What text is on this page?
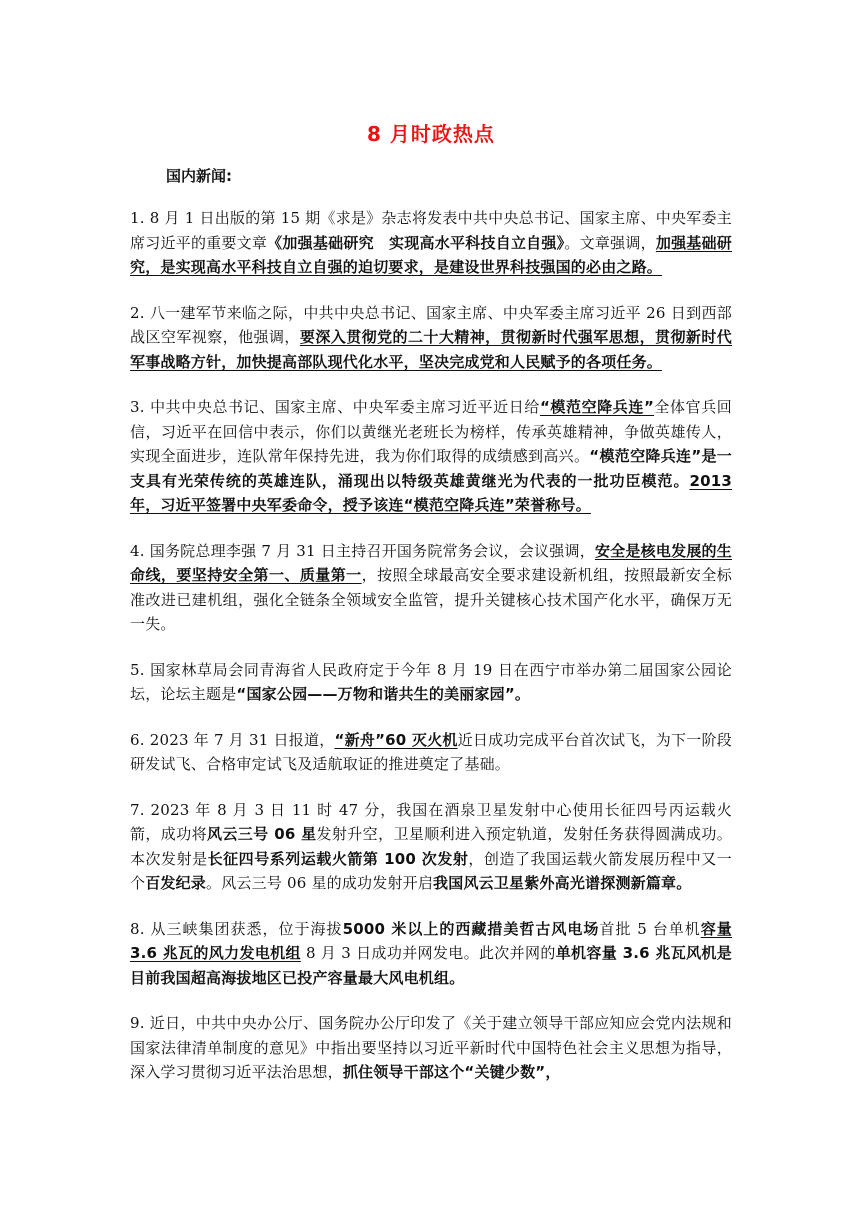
8 月时政热点
国内新闻:

1. 8 月 1 日出版的第 15 期《求是》杂志将发表中共中央总书记、国家主席、中央军委主席习近平的重要文章《加强基础研究　实现高水平科技自立自强》。文章强调，加强基础研究，是实现高水平科技自立自强的迫切要求，是建设世界科技强国的必由之路。

2. 八一建军节来临之际，中共中央总书记、国家主席、中央军委主席习近平 26 日到西部战区空军视察，他强调，要深入贯彻党的二十大精神，贯彻新时代强军思想，贯彻新时代军事战略方针，加快提高部队现代化水平，坚决完成党和人民赋予的各项任务。

3. 中共中央总书记、国家主席、中央军委主席习近平近日给“模范空降兵连”全体官兵回信，习近平在回信中表示，你们以黄继光老班长为榜样，传承英雄精神，争做英雄传人，实现全面进步，连队常年保持先进，我为你们取得的成绩感到高兴。“模范空降兵连”是一支具有光荣传统的英雄连队，涌现出以特级英雄黄继光为代表的一批功臣模范。2013 年，习近平签署中央军委命令，授予该连“模范空降兵连”荣誉称号。

4. 国务院总理李强 7 月 31 日主持召开国务院常务会议，会议强调，安全是核电发展的生命线，要坚持安全第一、质量第一，按照全球最高安全要求建设新机组，按照最新安全标准改进已建机组，强化全链条全领域安全监管，提升关键核心技术国产化水平，确保万无一失。

5. 国家林草局会同青海省人民政府定于今年 8 月 19 日在西宁市举办第二届国家公园论坛，论坛主题是“国家公园——万物和谐共生的美丽家园”。

6. 2023 年 7 月 31 日报道，“新舟”60 灭火机近日成功完成平台首次试飞，为下一阶段研发试飞、合格审定试飞及适航取证的推进奠定了基础。

7. 2023 年 8 月 3 日 11 时 47 分，我国在酒泉卫星发射中心使用长征四号丙运载火箭，成功将风云三号 06 星发射升空，卫星顺利进入预定轨道，发射任务获得圆满成功。本次发射是长征四号系列运载火箭第 100 次发射，创造了我国运载火箭发展历程中又一个百发纪录。风云三号 06 星的成功发射开启我国风云卫星紫外高光谱探测新篇章。

8. 从三峡集团获悉，位于海拔5000 米以上的西藏措美哲古风电场首批 5 台单机容量 3.6 兆瓦的风力发电机组 8 月 3 日成功并网发电。此次并网的单机容量 3.6 兆瓦风机是目前我国超高海拔地区已投产容量最大风电机组。

9. 近日，中共中央办公厅、国务院办公厅印发了《关于建立领导干部应知应会党内法规和国家法律清单制度的意见》中指出要坚持以习近平新时代中国特色社会主义思想为指导，深入学习贯彻习近平法治思想，抓住领导干部这个“关键少数”，
